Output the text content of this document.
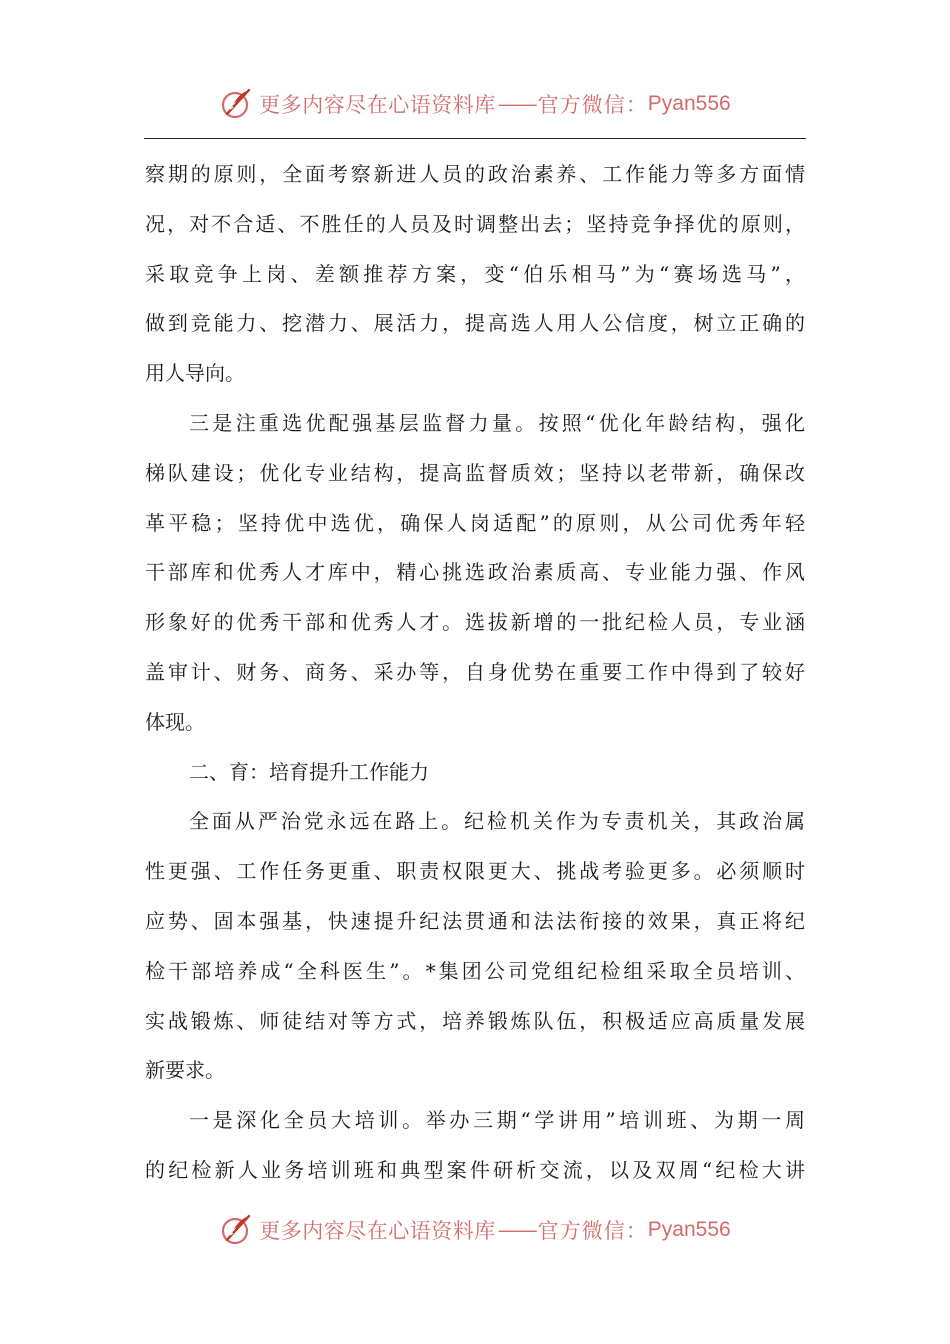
更多内容尽在心语资料库 —— 官方微信： Pyan556
察期的原则，全面考察新进人员的政治素养、工作能力等多方面情
况，对不合适、不胜任的人员及时调整出去；坚持竞争择优的原则，
采取竞争上岗、差额推荐方案，变“伯乐相马”为“赛场选马”，
做到竞能力、挖潜力、展活力，提高选人用人公信度，树立正确的
用人导向。
三是注重选优配强基层监督力量。按照“优化年龄结构，强化
梯队建设；优化专业结构，提高监督质效；坚持以老带新，确保改
革平稳；坚持优中选优，确保人岗适配”的原则，从公司优秀年轻
干部库和优秀人才库中，精心挑选政治素质高、专业能力强、作风
形象好的优秀干部和优秀人才。选拔新增的一批纪检人员，专业涵
盖审计、财务、商务、采办等，自身优势在重要工作中得到了较好
体现。
二、育：培育提升工作能力
全面从严治党永远在路上。纪检机关作为专责机关，其政治属
性更强、工作任务更重、职责权限更大、挑战考验更多。必须顺时
应势、固本强基，快速提升纪法贯通和法法衔接的效果，真正将纪
检干部培养成“全科医生”。*集团公司党组纪检组采取全员培训、
实战锻炼、师徒结对等方式，培养锻炼队伍，积极适应高质量发展
新要求。
一是深化全员大培训。举办三期“学讲用”培训班、为期一周
的纪检新人业务培训班和典型案件研析交流，以及双周“纪检大讲
更多内容尽在心语资料库 —— 官方微信： Pyan556
